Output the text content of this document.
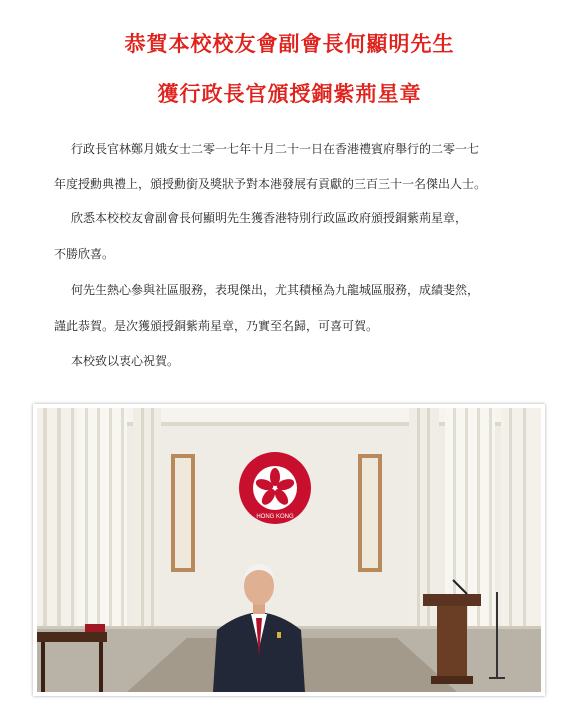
恭賀本校校友會副會長何顯明先生
獲行政長官頒授銅紫荊星章

行政長官林鄭月娥女士二零一七年十月二十一日在香港禮賓府舉行的二零一七

年度授勳典禮上，頒授勳銜及獎狀予對本港發展有貢獻的三百三十一名傑出人士。

欣悉本校校友會副會長何顯明先生獲香港特別行政區政府頒授銅紫荊星章，

不勝欣喜。

何先生熱心參與社區服務，表現傑出，尤其積極為九龍城區服務，成績斐然，

謹此恭賀。是次獲頒授銅紫荊星章，乃實至名歸，可喜可賀。

本校致以衷心祝賀。

HONG KONG
